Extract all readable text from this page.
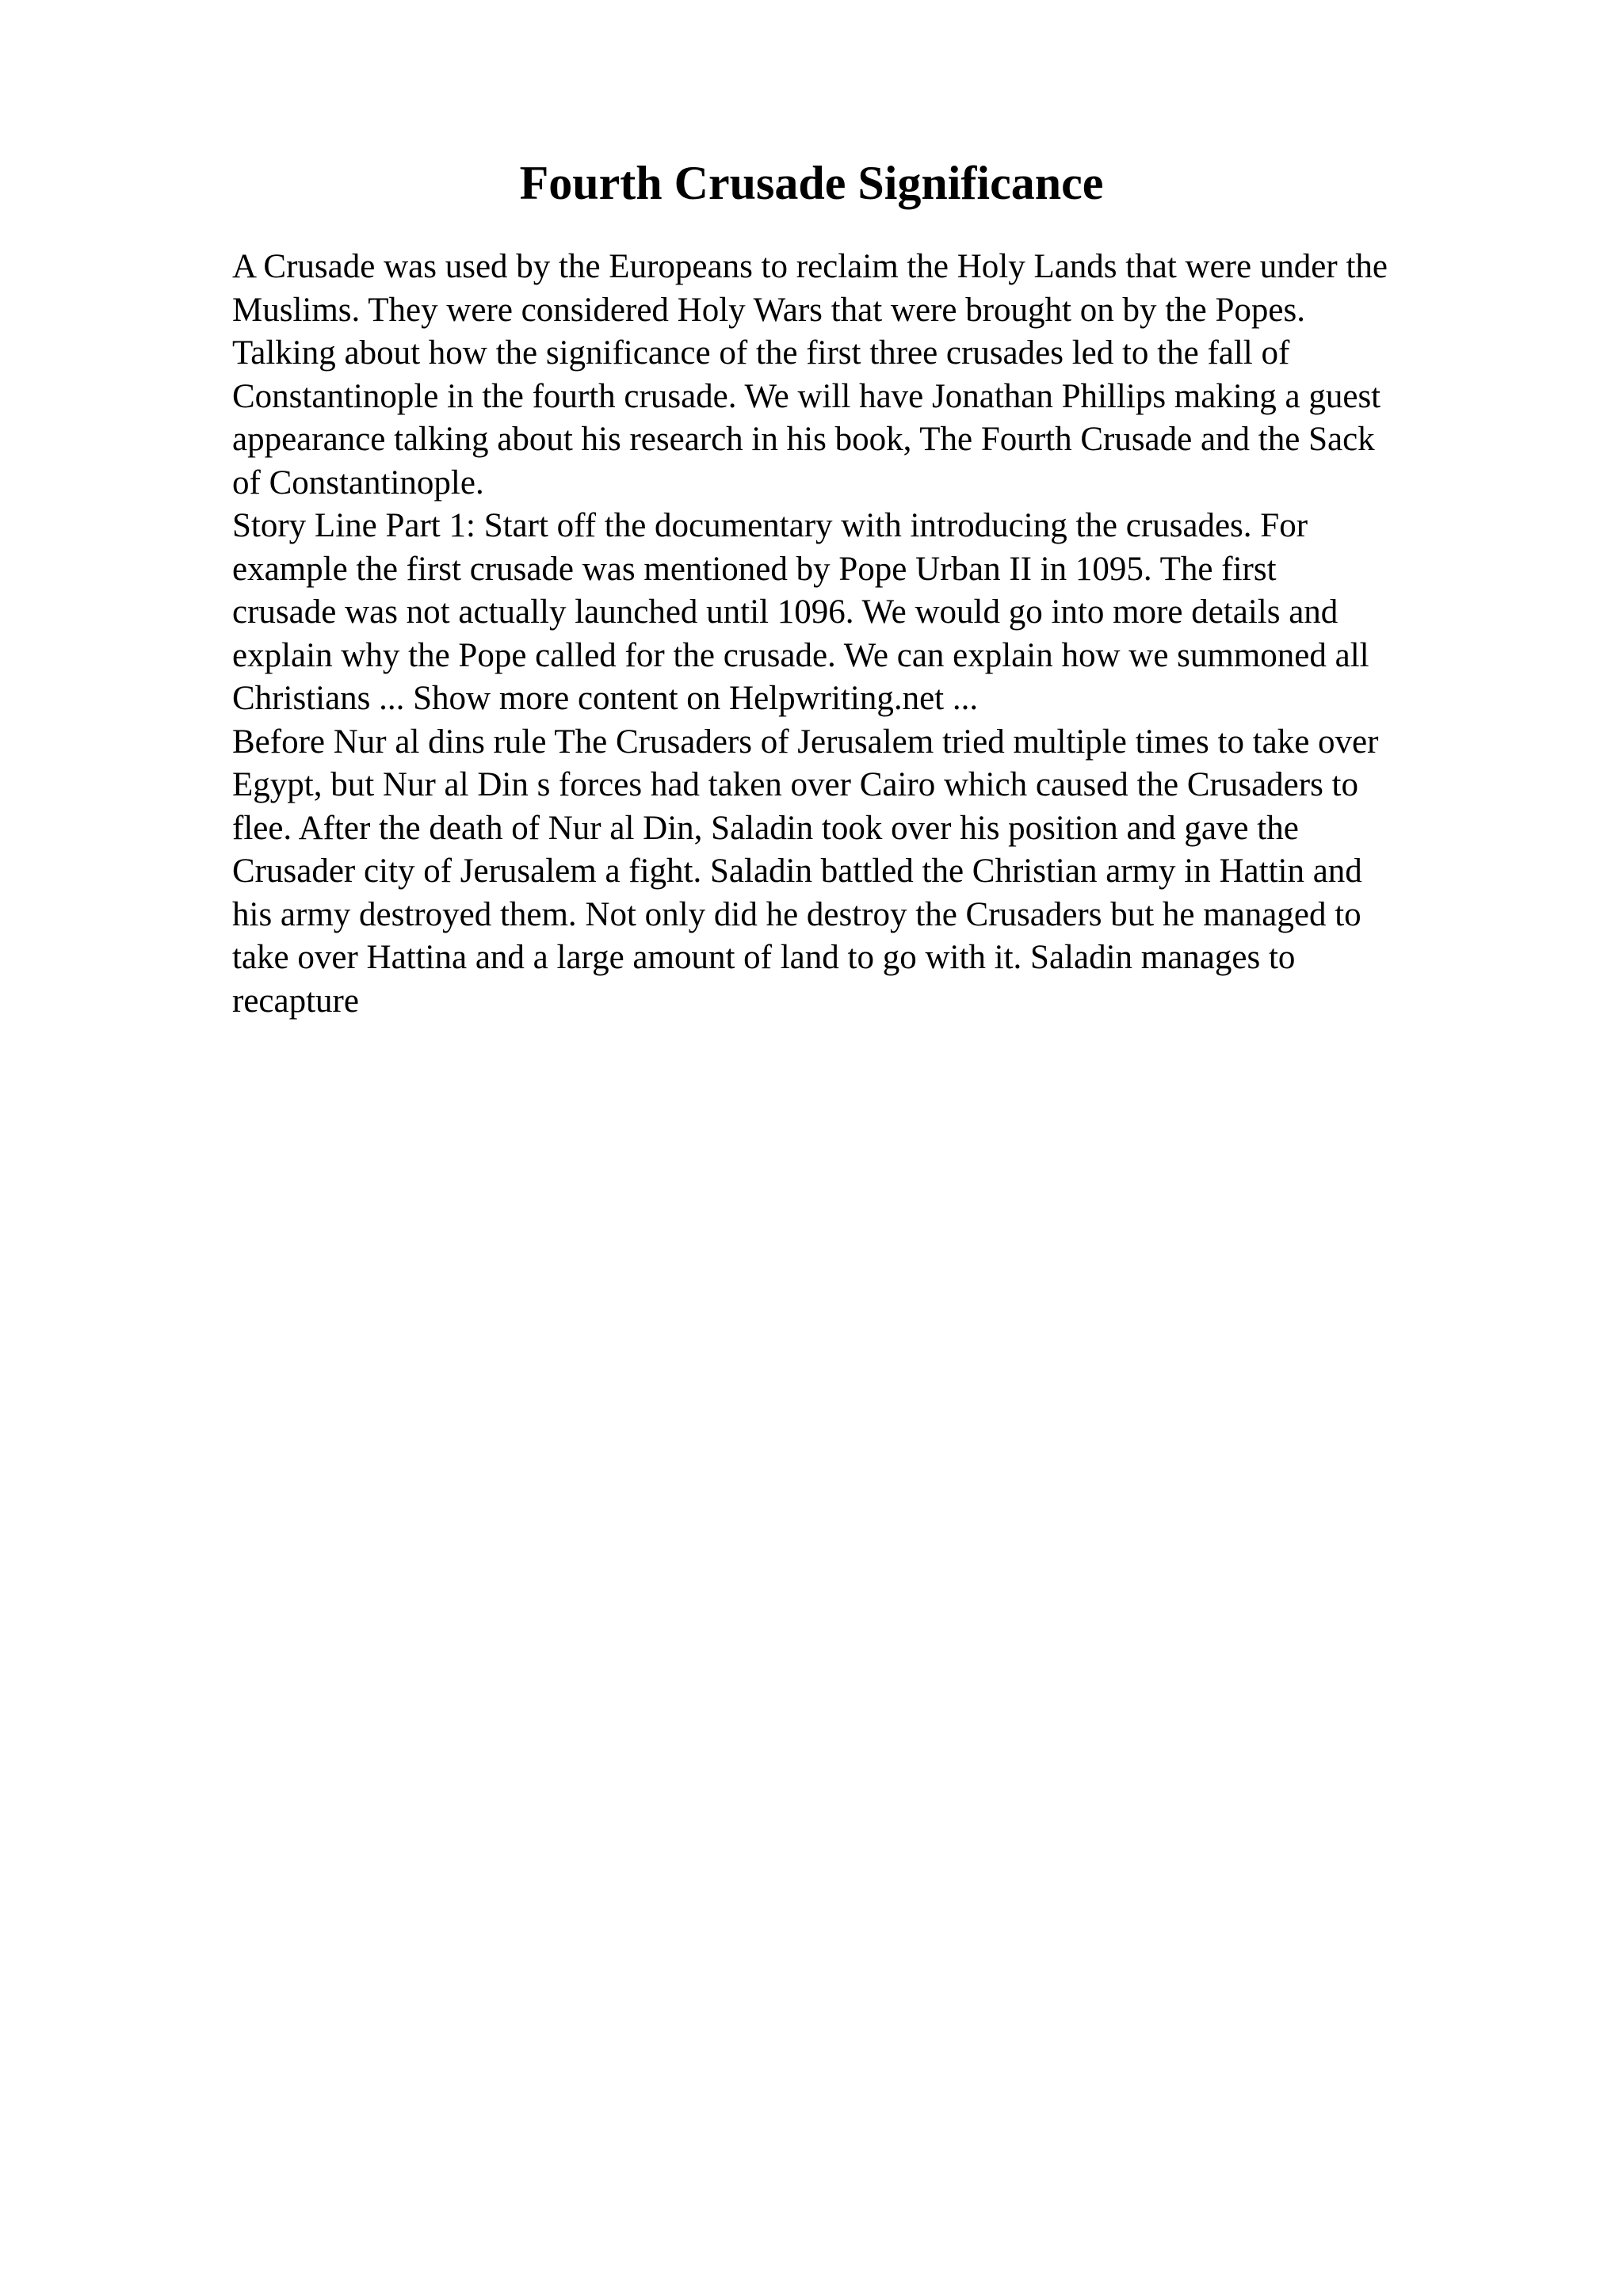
Fourth Crusade Significance
A Crusade was used by the Europeans to reclaim the Holy Lands that were under the
Muslims. They were considered Holy Wars that were brought on by the Popes.
Talking about how the significance of the first three crusades led to the fall of
Constantinople in the fourth crusade. We will have Jonathan Phillips making a guest
appearance talking about his research in his book, The Fourth Crusade and the Sack
of Constantinople.
Story Line Part 1: Start off the documentary with introducing the crusades. For
example the first crusade was mentioned by Pope Urban II in 1095. The first
crusade was not actually launched until 1096. We would go into more details and
explain why the Pope called for the crusade. We can explain how we summoned all
Christians ... Show more content on Helpwriting.net ...
Before Nur al dins rule The Crusaders of Jerusalem tried multiple times to take over
Egypt, but Nur al Din s forces had taken over Cairo which caused the Crusaders to
flee. After the death of Nur al Din, Saladin took over his position and gave the
Crusader city of Jerusalem a fight. Saladin battled the Christian army in Hattin and
his army destroyed them. Not only did he destroy the Crusaders but he managed to
take over Hattina and a large amount of land to go with it. Saladin manages to
recapture
